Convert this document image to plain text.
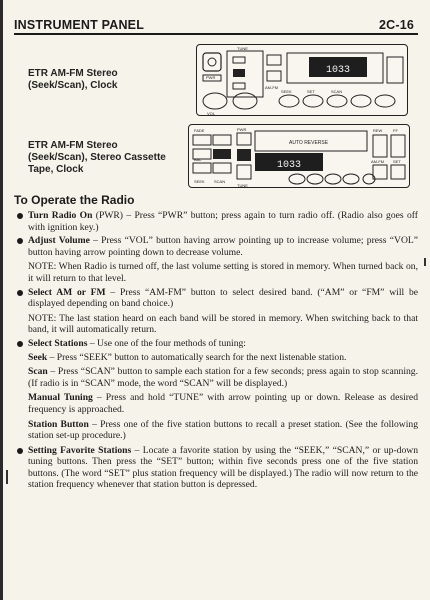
INSTRUMENT PANEL	2C-16
ETR AM-FM Stereo
(Seek/Scan), Clock
1033
PWR
TUNE
SEEK	SET	SCAN
AM-FM
VOL
ETR AM-FM Stereo
(Seek/Scan), Stereo Cassette
Tape, Clock
AUTO REVERSE
1033
FADE	PWR
BAL
REW	FF
AM-FM SET
SEEK SCAN
TUNE
To Operate the Radio
Turn Radio On (PWR) – Press “PWR” button; press again to turn radio off. (Radio also goes off with ignition key.)
Adjust Volume – Press “VOL” button having arrow pointing up to increase volume; press “VOL” button having arrow pointing down to decrease volume.
NOTE: When Radio is turned off, the last volume setting is stored in memory. When turned back on, it will return to that level.
Select AM or FM – Press “AM-FM” button to select desired band. (“AM” or “FM” will be displayed depending on band choice.)
NOTE: The last station heard on each band will be stored in memory. When switching back to that band, it will automatically return.
Select Stations – Use one of the four methods of tuning:
Seek – Press “SEEK” button to automatically search for the next listenable station.
Scan – Press “SCAN” button to sample each station for a few seconds; press again to stop scanning. (If radio is in “SCAN” mode, the word “SCAN” will be displayed.)
Manual Tuning – Press and hold “TUNE” with arrow pointing up or down. Release as desired frequency is approached.
Station Button – Press one of the five station buttons to recall a preset station. (See the following station set-up procedure.)
Setting Favorite Stations – Locate a favorite station by using the “SEEK,” “SCAN,” or up-down tuning buttons. Then press the “SET” button; within five seconds press one of the five station buttons. (The word “SET” plus station frequency will be displayed.) The radio will now return to the station frequency whenever that station button is depressed.
